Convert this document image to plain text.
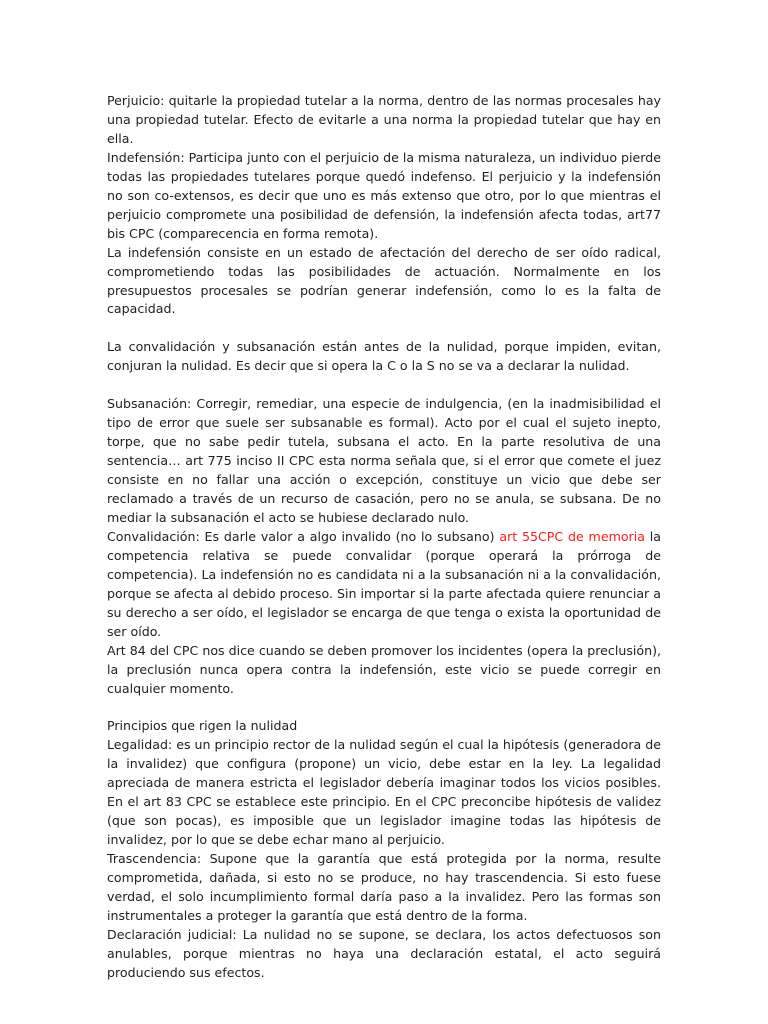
Perjuicio: quitarle la propiedad tutelar a la norma, dentro de las normas procesales hay una propiedad tutelar. Efecto de evitarle a una norma la propiedad tutelar que hay en ella.

Indefensión: Participa junto con el perjuicio de la misma naturaleza, un individuo pierde todas las propiedades tutelares porque quedó indefenso. El perjuicio y la indefensión no son co-extensos, es decir que uno es más extenso que otro, por lo que mientras el perjuicio compromete una posibilidad de defensión, la indefensión afecta todas, art77 bis CPC (comparecencia en forma remota).

La indefensión consiste en un estado de afectación del derecho de ser oído radical, comprometiendo todas las posibilidades de actuación. Normalmente en los presupuestos procesales se podrían generar indefensión, como lo es la falta de capacidad.

La convalidación y subsanación están antes de la nulidad, porque impiden, evitan, conjuran la nulidad. Es decir que si opera la C o la S no se va a declarar la nulidad.

Subsanación: Corregir, remediar, una especie de indulgencia, (en la inadmisibilidad el tipo de error que suele ser subsanable es formal). Acto por el cual el sujeto inepto, torpe, que no sabe pedir tutela, subsana el acto. En la parte resolutiva de una sentencia… art 775 inciso II CPC esta norma señala que, si el error que comete el juez consiste en no fallar una acción o excepción, constituye un vicio que debe ser reclamado a través de un recurso de casación, pero no se anula, se subsana. De no mediar la subsanación el acto se hubiese declarado nulo.

Convalidación: Es darle valor a algo invalido (no lo subsano) art 55CPC de memoria la competencia relativa se puede convalidar (porque operará la prórroga de competencia). La indefensión no es candidata ni a la subsanación ni a la convalidación, porque se afecta al debido proceso. Sin importar si la parte afectada quiere renunciar a su derecho a ser oído, el legislador se encarga de que tenga o exista la oportunidad de ser oído.

Art 84 del CPC nos dice cuando se deben promover los incidentes (opera la preclusión), la preclusión nunca opera contra la indefensión, este vicio se puede corregir en cualquier momento.

Principios que rigen la nulidad

Legalidad: es un principio rector de la nulidad según el cual la hipótesis (generadora de la invalidez) que configura (propone) un vicio, debe estar en la ley. La legalidad apreciada de manera estricta el legislador debería imaginar todos los vicios posibles. En el art 83 CPC se establece este principio. En el CPC preconcibe hipótesis de validez (que son pocas), es imposible que un legislador imagine todas las hipótesis de invalidez, por lo que se debe echar mano al perjuicio.

Trascendencia: Supone que la garantía que está protegida por la norma, resulte comprometida, dañada, si esto no se produce, no hay trascendencia. Si esto fuese verdad, el solo incumplimiento formal daría paso a la invalidez. Pero las formas son instrumentales a proteger la garantía que está dentro de la forma.

Declaración judicial: La nulidad no se supone, se declara, los actos defectuosos son anulables, porque mientras no haya una declaración estatal, el acto seguirá produciendo sus efectos.
